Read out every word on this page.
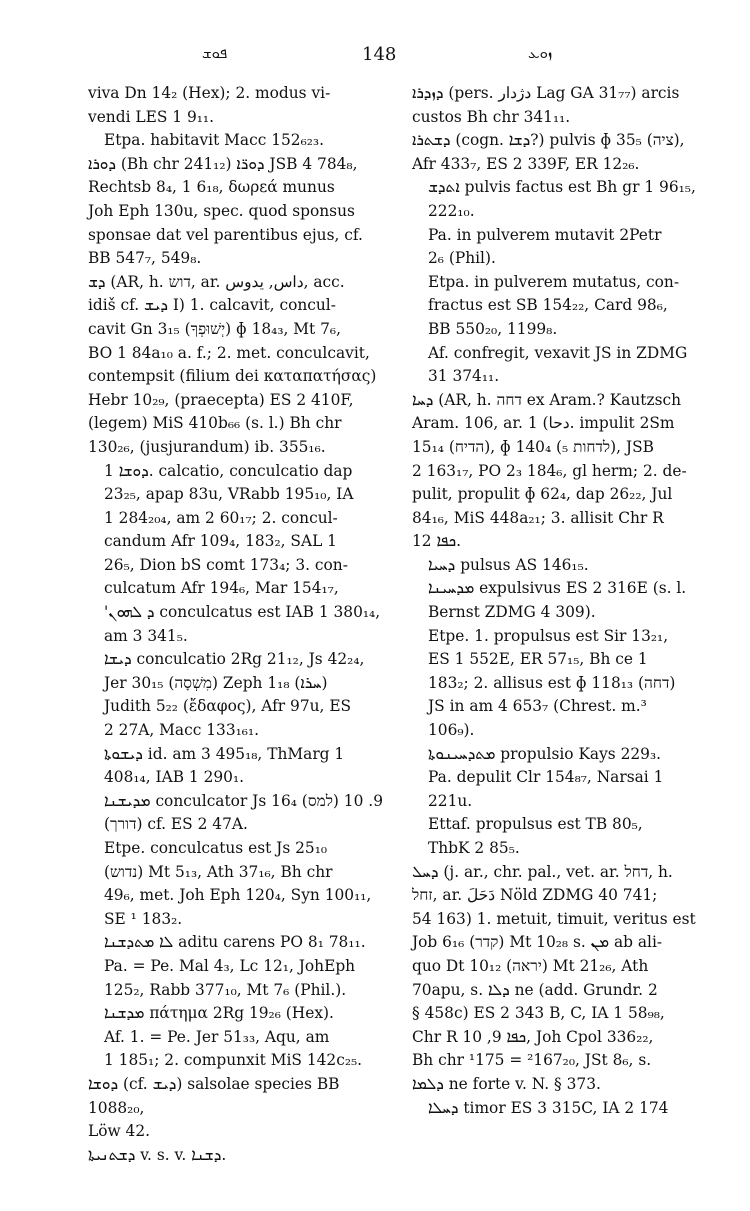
ܦܘܫ	148	ܙܘܥ

viva Dn 14₂ (Hex); 2. modus vi-
vendi LES 1 9₁₁.

Etpa. habitavit Macc 152₆₂₃.

ܕܘܪܐ (Bh chr 241₁₂) ܕܘܪ̈ܐ JSB 4 784₈,
Rechtsb 8₄, 1 6₁₈, δωρεά munus
Joh Eph 130u, spec. quod sponsus
sponsae dat vel parentibus ejus, cf.
BB 547₇, 549₈.

ܕܫ (AR, h. דוש, ar. داس, يدوس, acc.
idiš cf. ܕܝܫ I) 1. calcavit, concul-
cavit Gn 3₁₅ (יְשׁוּפְךָ) ɸ 18₄₃, Mt 7₆,
BO 1 84a₁₀ a. f.; 2. met. conculcavit,
contempsit (filium dei καταπατήσας)
Hebr 10₂₉, (praecepta) ES 2 410F,
(legem) MiS 410b₆₆ (s. l.) Bh chr
130₂₆, (jusjurandum) ib. 355₁₆.

ܕܘܫܐ 1. calcatio, conculcatio dap
23₂₅, apap 83u, VRabb 195₁₀, IA
1 284₂₀₄, am 2 60₁₇; 2. concul-
candum Afr 109₄, 183₂, SAL 1
26₅, Dion bS comt 173₄; 3. con-
culcatum Afr 194₆, Mar 154₁₇,
'ܕ ܠܗܘܢ conculcatus est IAB 1 380₁₄,
am 3 341₅.

ܕܝܫܐ conculcatio 2Rg 21₁₂, Js 42₂₄,
Jer 30₁₅ (מִשְׁסָה) Zeph 1₁₈ (ܚܪܐ)
Judith 5₂₂ (ἔδαφος), Afr 97u, ES
2 27A, Macc 133₁₆₁.

ܕܝܫܘܬܐ id. am 3 495₁₈, ThMarg 1
408₁₄, IAB 1 290₁.

ܡܕܝܫܢܐ conculcator Js 16₄ (למס) 9. 10
(דורך) cf. ES 2 47A.

Etpe. conculcatus est Js 25₁₀
(נדוש) Mt 5₁₃, Ath 37₁₆, Bh chr
49₆, met. Joh Eph 120₄, Syn 100₁₁,
SE ¹ 183₂.

ܠܐ ܡܬܕܫܢܐ aditu carens PO 8₁ 78₁₁.

Pa. = Pe. Mal 4₃, Lc 12₁, JohEph
125₂, Rabb 377₁₀, Mt 7₆ (Phil.).

ܡܕܫܢܐ πάτημα 2Rg 19₂₆ (Hex).

Af. 1. = Pe. Jer 51₃₃, Aqu, am
1 185₁; 2. compunxit MiS 142c₂₅.

ܕܘܫܐ (cf. ܕܝܫ) salsolae species BB 1088₂₀,
Löw 42.

ܕܫܬܢܝܬܐ v. s. v. ܕܫܢܐ.

ܕܙܕܪܐ (pers. دژدار Lag GA 31₇₇) arcis
custos Bh chr 341₁₁.

ܕܫܬܪܐ (cogn. ܕܫܐ?) pulvis ɸ 35₅ (ציה),
Afr 433₇, ES 2 339F, ER 12₂₆.

ܐܬܕܫ pulvis factus est Bh gr 1 96₁₅,
222₁₀.

Pa. in pulverem mutavit 2Petr
2₆ (Phil).

Etpa. in pulverem mutatus, con-
fractus est SB 154₂₂, Card 98₆,
BB 550₂₀, 1199₈.

Af. confregit, vexavit JS in ZDMG
31 374₁₁.

ܕܚܐ (AR, h. דחה ex Aram.? Kautzsch
Aram. 106, ar. دحا) 1. impulit 2Sm
15₁₄ (הדיח), ɸ 140₄ (₅ לדחות), JSB
2 163₁₇, PO 2₃ 184₆, gl herm; 2. de-
pulit, propulit ɸ 62₄, dap 26₂₂, Jul
84₁₆, MiS 448a₂₁; 3. allisit Chr R
ܟܦܐ 12.

ܕܚܝܐ pulsus AS 146₁₅.

ܡܕܚܝܢܐ expulsivus ES 2 316E (s. l.
Bernst ZDMG 4 309).

Etpe. 1. propulsus est Sir 13₂₁,
ES 1 552E, ER 57₁₅, Bh ce 1
183₂; 2. allisus est ɸ 118₁₃ (דחה)
JS in am 4 653₇ (Chrest. m.³
106₉).

ܡܬܕܚܝܢܘܬܐ propulsio Kays 229₃.

Pa. depulit Clr 154₈₇, Narsai 1
221u.

Ettaf. propulsus est TB 80₅,
ThbK 2 85₅.

ܕܚܠ (j. ar., chr. pal., vet. ar. דחל, h.
זחל, ar. دَحَلَ Nöld ZDMG 40 741;
54 163) 1. metuit, timuit, veritus est
Job 6₁₆ (קדר) Mt 10₂₈ s. ܡܢ ab ali-
quo Dt 10₁₂ (יראה) Mt 21₂₆, Ath
70apu, s. ܕܠܐ ne (add. Grundr. 2
§ 458c) ES 2 343 B, C, IA 1 58₉₈,
Chr R ܟܦܐ 9, 10, Joh Cpol 336₂₂,
Bh chr ¹175 = ²167₂₀, JSt 8₆, s.
ܕܠܡܐ ne forte v. N. § 373.

ܕܚܠܐ timor ES 3 315C, IA 2 174
